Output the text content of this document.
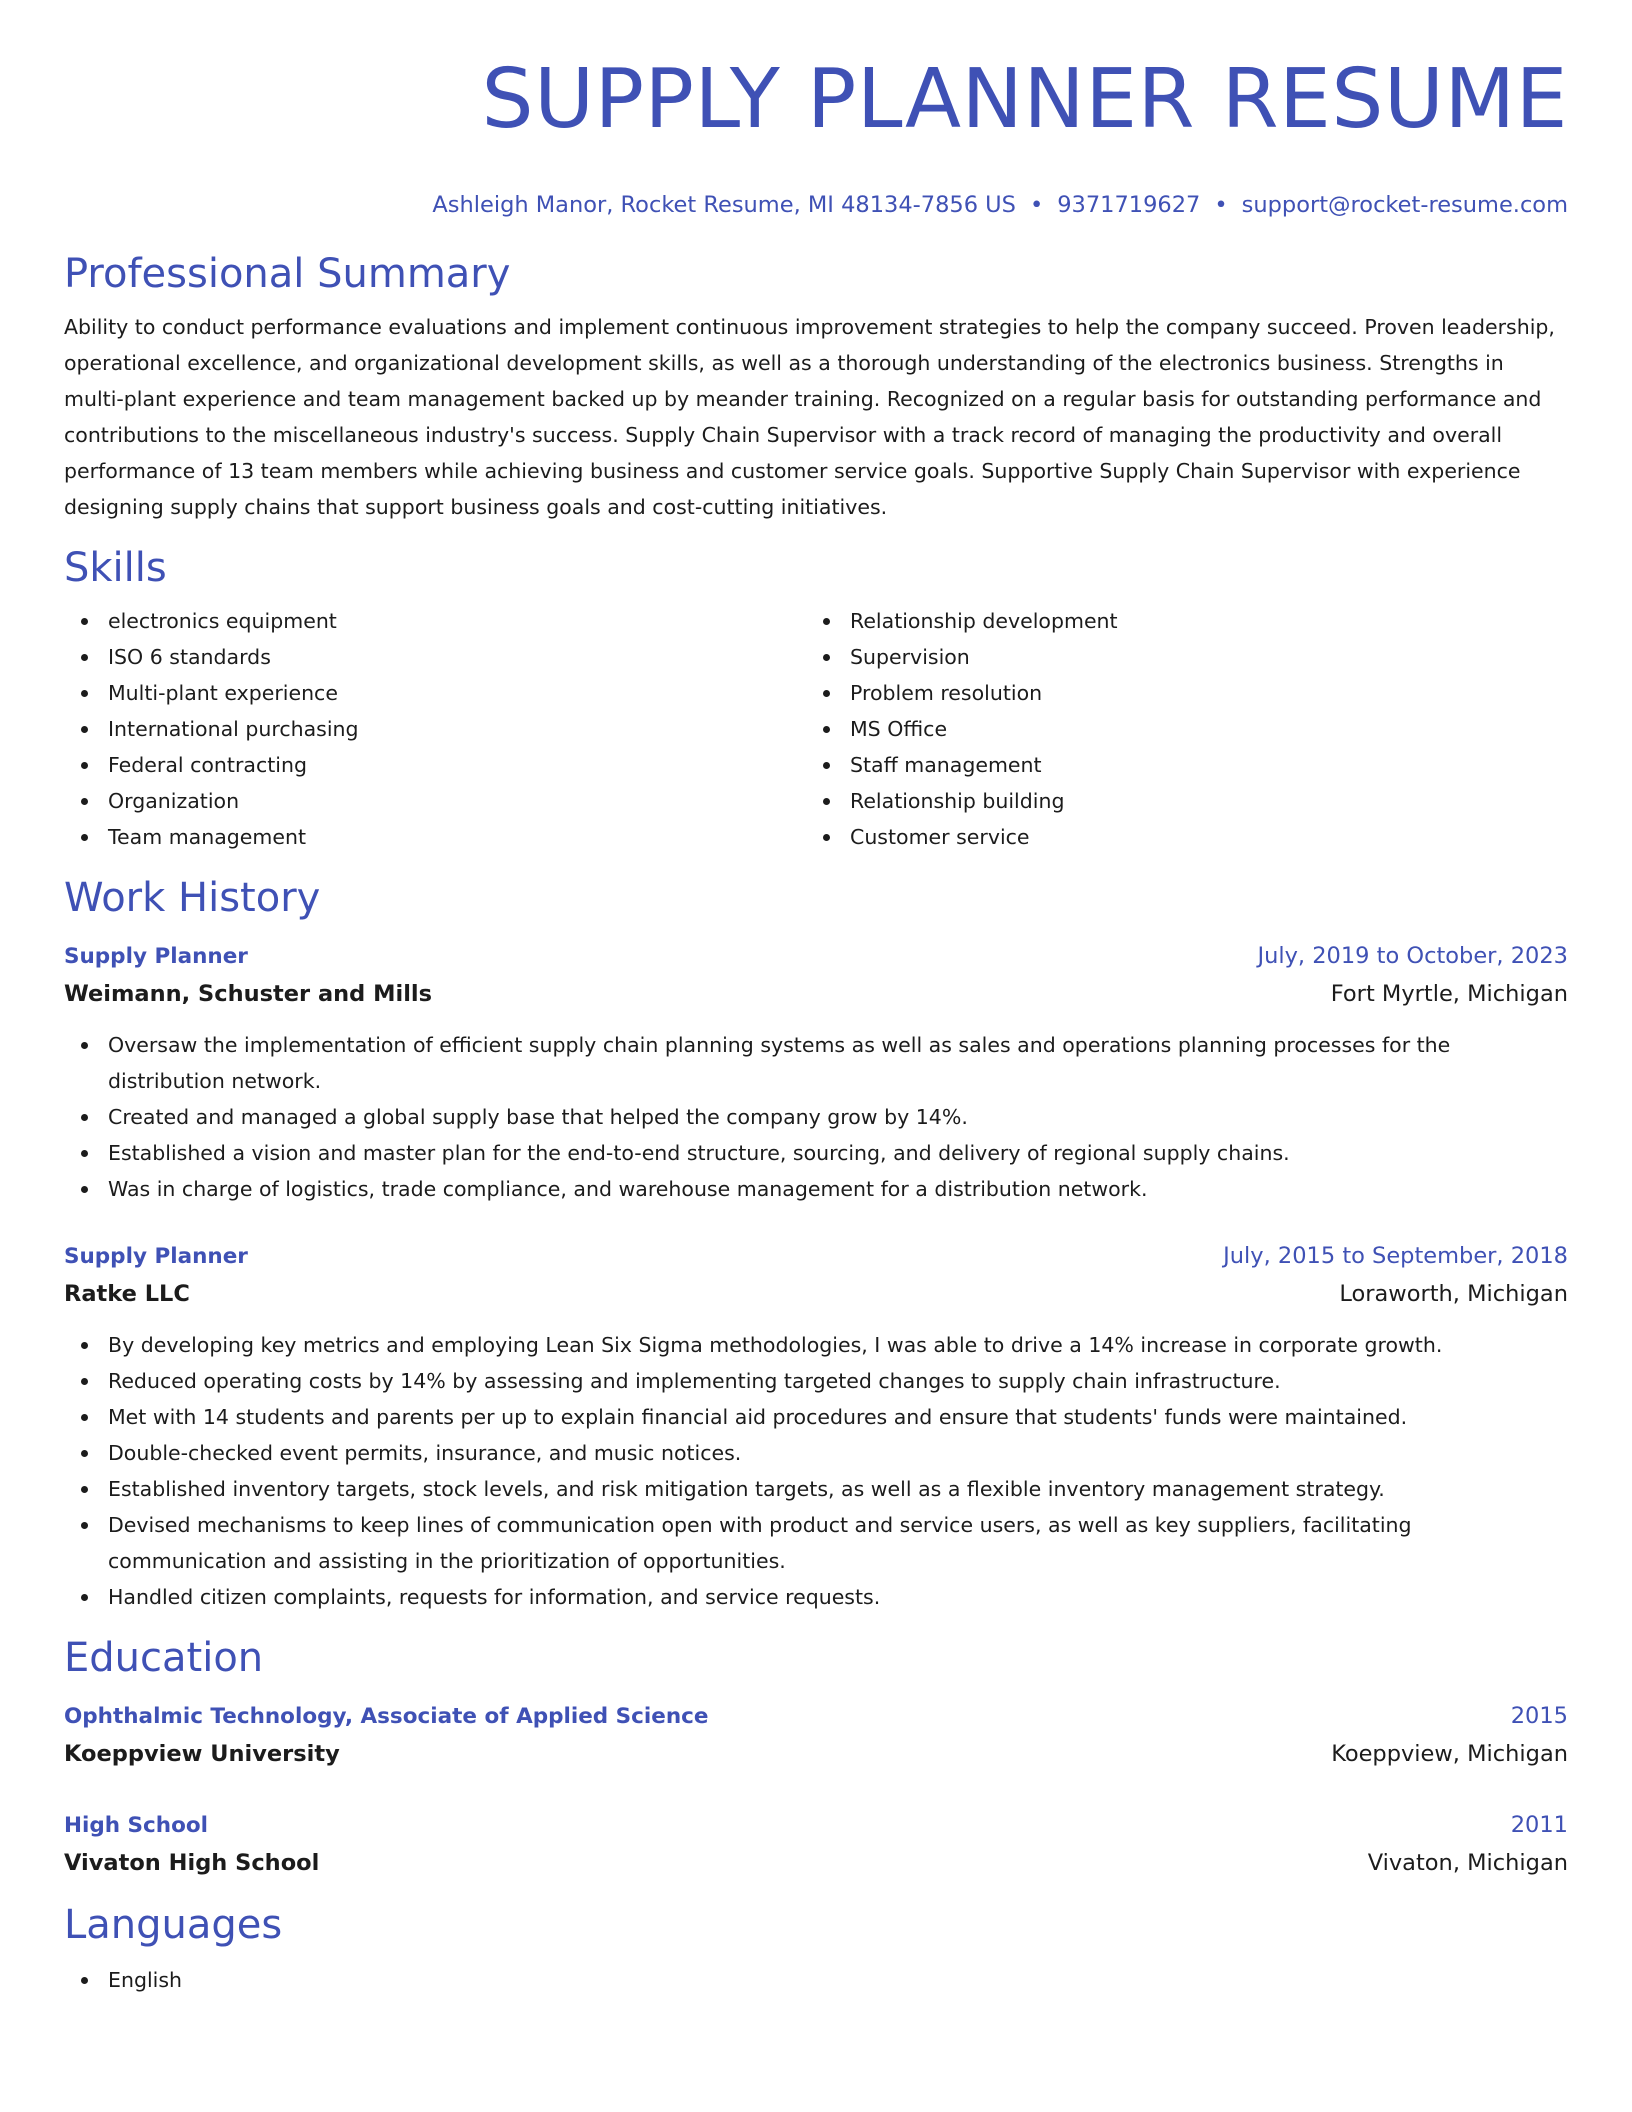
SUPPLY PLANNER RESUME
Ashleigh Manor, Rocket Resume, MI 48134-7856 US • 9371719627 • support@rocket-resume.com
Professional Summary

Ability to conduct performance evaluations and implement continuous improvement strategies to help the company succeed. Proven leadership, operational excellence, and organizational development skills, as well as a thorough understanding of the electronics business. Strengths in multi-plant experience and team management backed up by meander training. Recognized on a regular basis for outstanding performance and contributions to the miscellaneous industry's success. Supply Chain Supervisor with a track record of managing the productivity and overall performance of 13 team members while achieving business and customer service goals. Supportive Supply Chain Supervisor with experience designing supply chains that support business goals and cost-cutting initiatives.

Skills
electronics equipment
ISO 6 standards
Multi-plant experience
International purchasing
Federal contracting
Organization
Team management
Relationship development
Supervision
Problem resolution
MS Office
Staff management
Relationship building
Customer service
Work History
Supply Planner	July, 2019 to October, 2023
Weimann, Schuster and Mills	Fort Myrtle, Michigan
Oversaw the implementation of efficient supply chain planning systems as well as sales and operations planning processes for the distribution network.
Created and managed a global supply base that helped the company grow by 14%.
Established a vision and master plan for the end-to-end structure, sourcing, and delivery of regional supply chains.
Was in charge of logistics, trade compliance, and warehouse management for a distribution network.
Supply Planner	July, 2015 to September, 2018
Ratke LLC	Loraworth, Michigan
By developing key metrics and employing Lean Six Sigma methodologies, I was able to drive a 14% increase in corporate growth.
Reduced operating costs by 14% by assessing and implementing targeted changes to supply chain infrastructure.
Met with 14 students and parents per up to explain financial aid procedures and ensure that students' funds were maintained.
Double-checked event permits, insurance, and music notices.
Established inventory targets, stock levels, and risk mitigation targets, as well as a flexible inventory management strategy.
Devised mechanisms to keep lines of communication open with product and service users, as well as key suppliers, facilitating communication and assisting in the prioritization of opportunities.
Handled citizen complaints, requests for information, and service requests.
Education
Ophthalmic Technology, Associate of Applied Science	2015
Koeppview University	Koeppview, Michigan
High School	2011
Vivaton High School	Vivaton, Michigan
Languages
English
